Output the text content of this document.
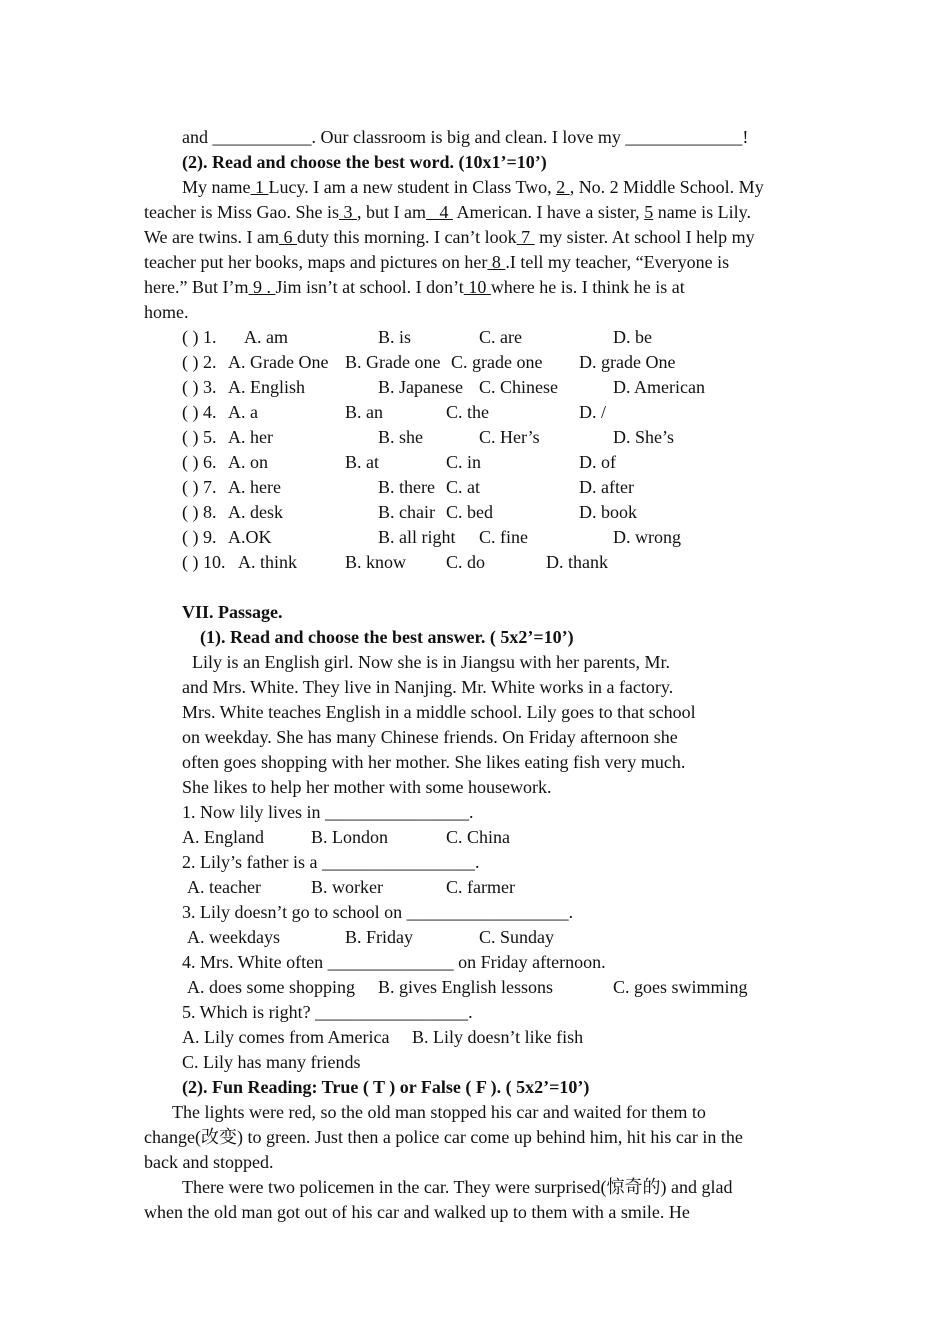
and ___________. Our classroom is big and clean. I love my _____________!
(2). Read and choose the best word. (10x1’=10’)
My name 1 Lucy. I am a new student in Class Two, 2 , No. 2 Middle School. My
teacher is Miss Gao. She is 3 , but I am   4  American. I have a sister, 5 name is Lily.
We are twins. I am 6 duty this morning. I can’t look 7  my sister. At school I help my
teacher put her books, maps and pictures on her 8 .I tell my teacher, “Everyone is
here.” But I’m 9 . Jim isn’t at school. I don’t 10 where he is. I think he is at
home.
( ) 1. A. am	B. is	C. are	D. be
( ) 2. A. Grade One B. Grade one C. grade one D. grade One
( ) 3. A. English	B. Japanese C. Chinese	D. American
( ) 4. A. a	B. an	C. the	D. /
( ) 5. A. her	B. she	C. Her’s	D. She’s
( ) 6. A. on	B. at	C. in	D. of
( ) 7. A. here	B. there C. at	D. after
( ) 8. A. desk	B. chair C. bed	D. book
( ) 9. A.OK	B. all right C. fine	D. wrong
( ) 10. A. think	B. know C. do	D. thank
VII. Passage.
(1). Read and choose the best answer. ( 5x2’=10’)
Lily is an English girl. Now she is in Jiangsu with her parents, Mr.
and Mrs. White. They live in Nanjing. Mr. White works in a factory.
Mrs. White teaches English in a middle school. Lily goes to that school
on weekday. She has many Chinese friends. On Friday afternoon she
often goes shopping with her mother. She likes eating fish very much.
She likes to help her mother with some housework.
1. Now lily lives in ________________.
A. England	B. London	C. China
2. Lily’s father is a _________________.
A. teacher	B. worker	C. farmer
3. Lily doesn’t go to school on __________________.
A. weekdays	B. Friday	C. Sunday
4. Mrs. White often ______________ on Friday afternoon.
A. does some shopping B. gives English lessons	C. goes swimming
5. Which is right? _________________.
A. Lily comes from America B. Lily doesn’t like fish
C. Lily has many friends
(2). Fun Reading: True ( T ) or False ( F ). ( 5x2’=10’)
The lights were red, so the old man stopped his car and waited for them to
change(改变) to green. Just then a police car come up behind him, hit his car in the
back and stopped.
There were two policemen in the car. They were surprised(惊奇的) and glad
when the old man got out of his car and walked up to them with a smile. He
